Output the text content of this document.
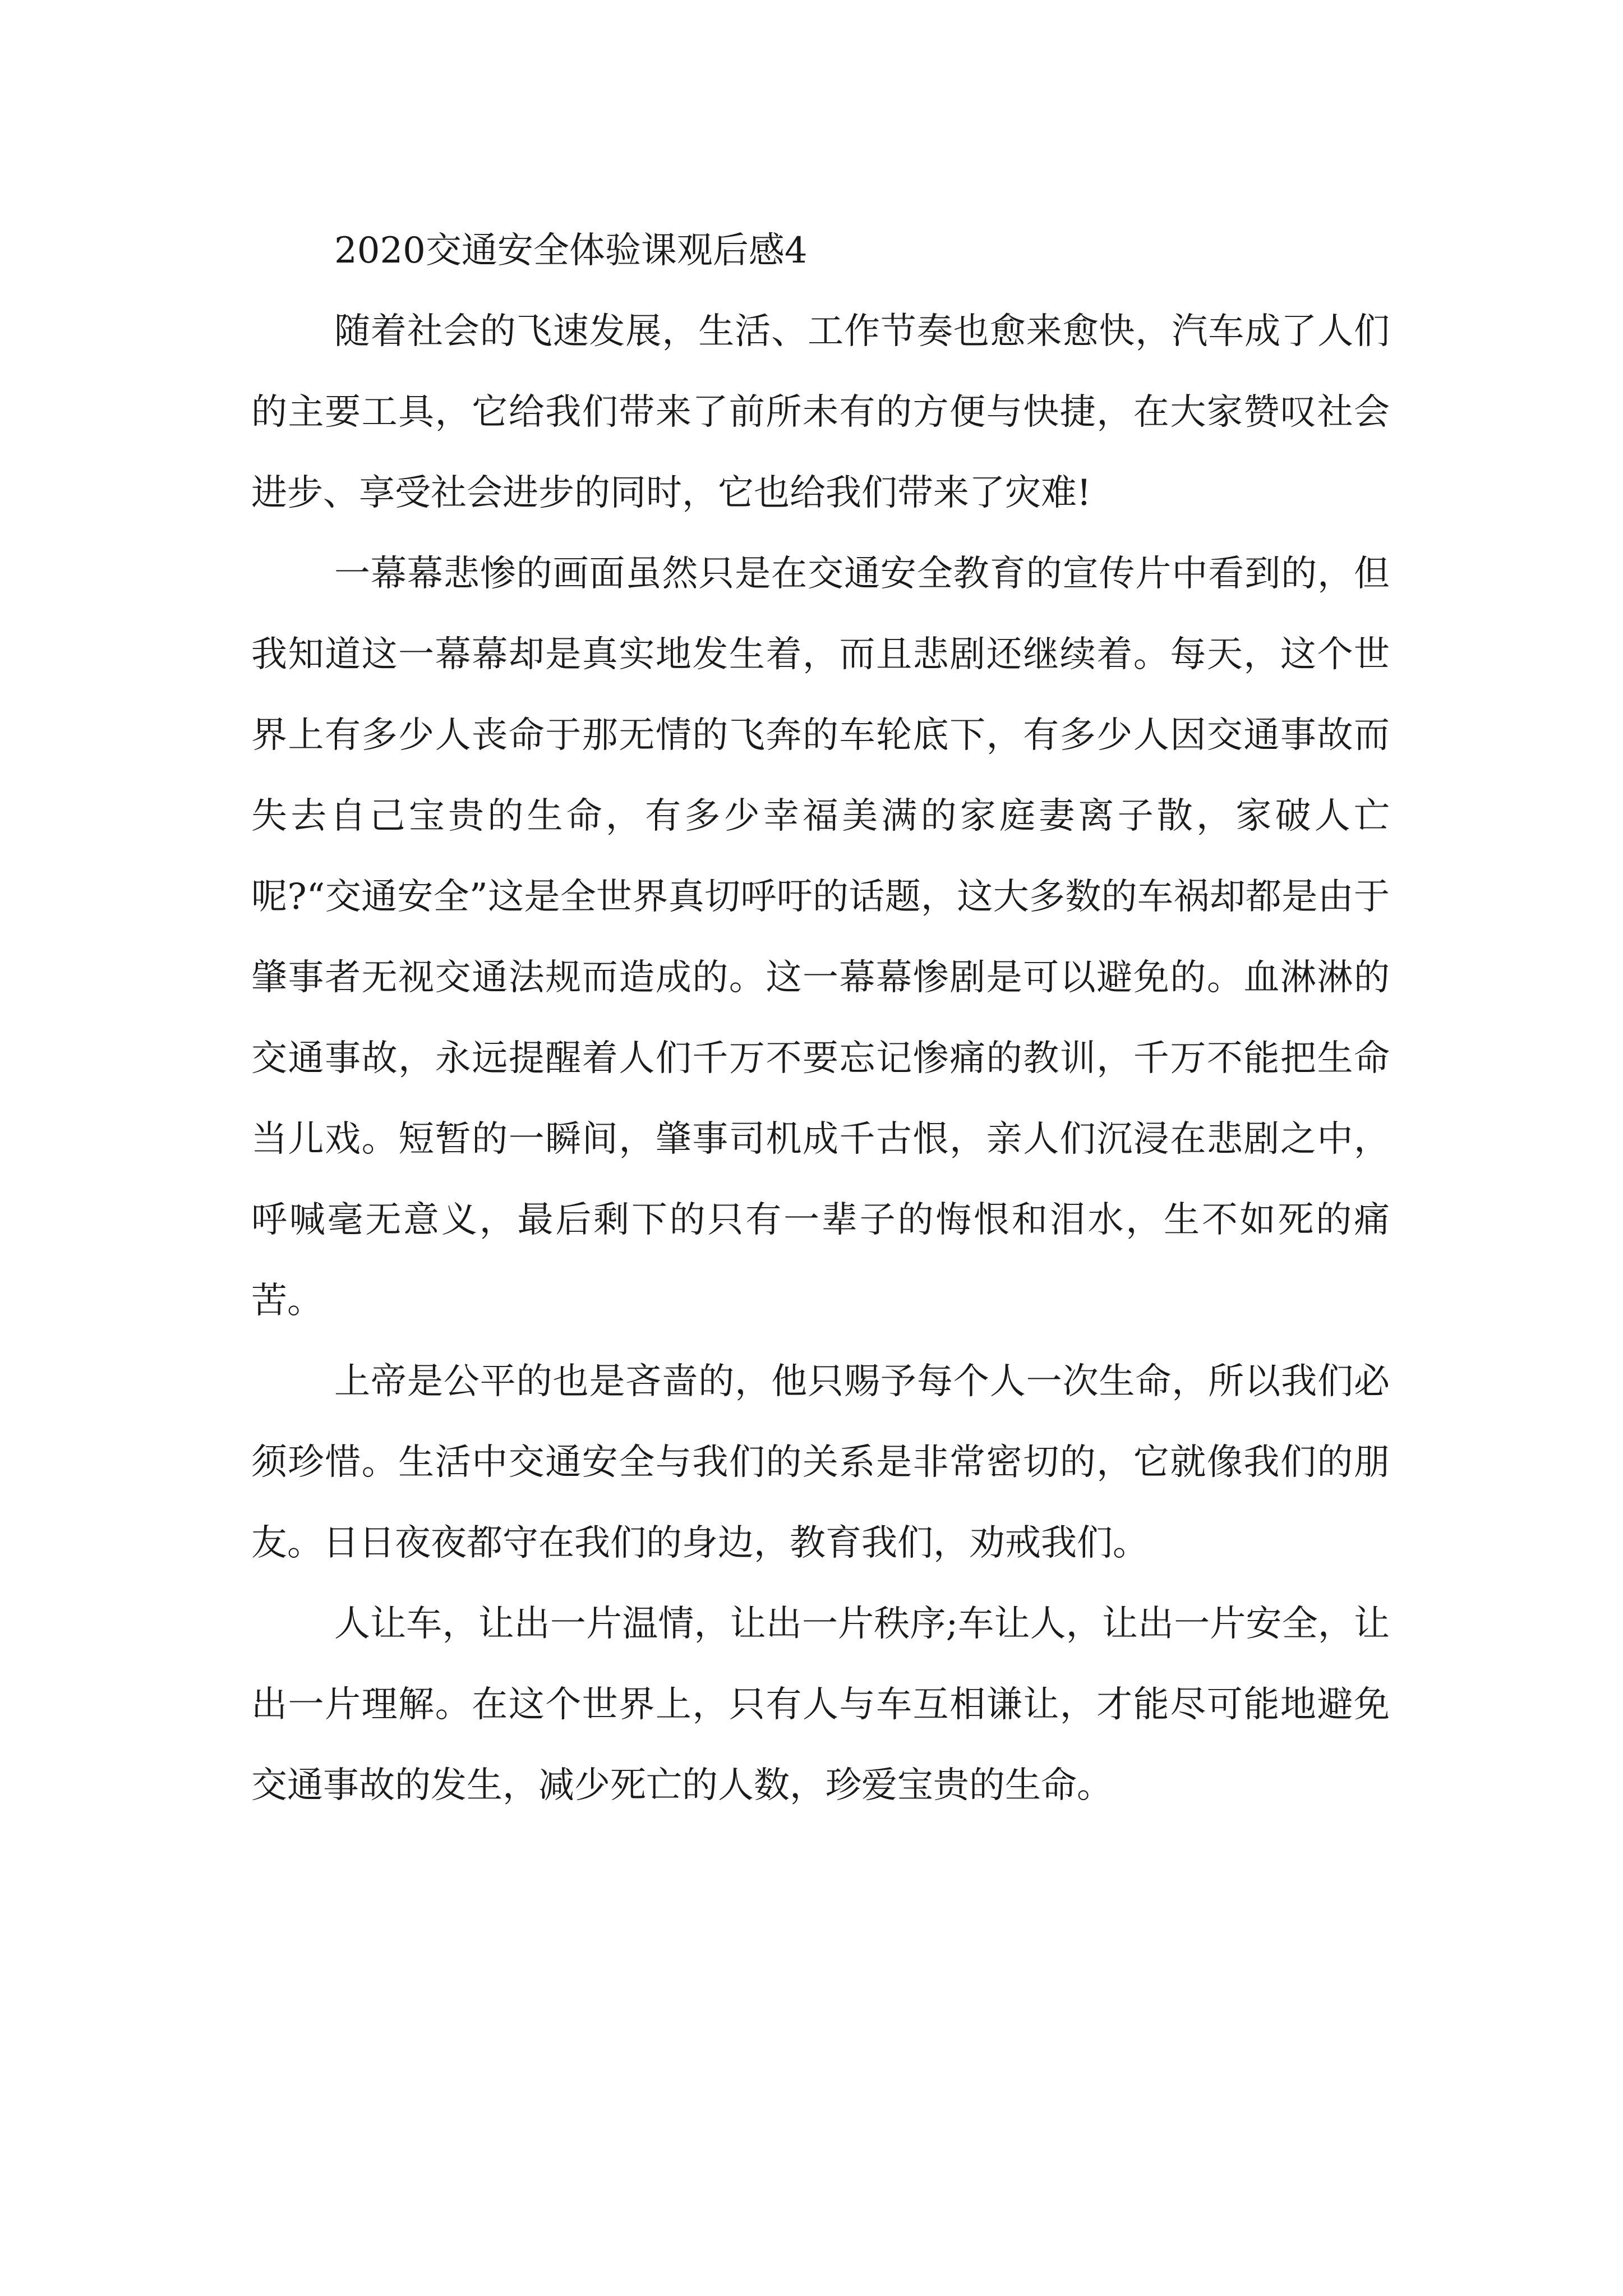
2020交通安全体验课观后感4

随着社会的飞速发展，生活、工作节奏也愈来愈快，汽车成了人们的主要工具，它给我们带来了前所未有的方便与快捷，在大家赞叹社会进步、享受社会进步的同时，它也给我们带来了灾难!

一幕幕悲惨的画面虽然只是在交通安全教育的宣传片中看到的，但我知道这一幕幕却是真实地发生着，而且悲剧还继续着。每天，这个世界上有多少人丧命于那无情的飞奔的车轮底下，有多少人因交通事故而失去自己宝贵的生命，有多少幸福美满的家庭妻离子散，家破人亡呢?“交通安全”这是全世界真切呼吁的话题，这大多数的车祸却都是由于肇事者无视交通法规而造成的。这一幕幕惨剧是可以避免的。血淋淋的交通事故，永远提醒着人们千万不要忘记惨痛的教训，千万不能把生命当儿戏。短暂的一瞬间，肇事司机成千古恨，亲人们沉浸在悲剧之中，呼喊毫无意义，最后剩下的只有一辈子的悔恨和泪水，生不如死的痛苦。

上帝是公平的也是吝啬的，他只赐予每个人一次生命，所以我们必须珍惜。生活中交通安全与我们的关系是非常密切的，它就像我们的朋友。日日夜夜都守在我们的身边，教育我们，劝戒我们。

人让车，让出一片温情，让出一片秩序;车让人，让出一片安全，让出一片理解。在这个世界上，只有人与车互相谦让，才能尽可能地避免交通事故的发生，减少死亡的人数，珍爱宝贵的生命。
